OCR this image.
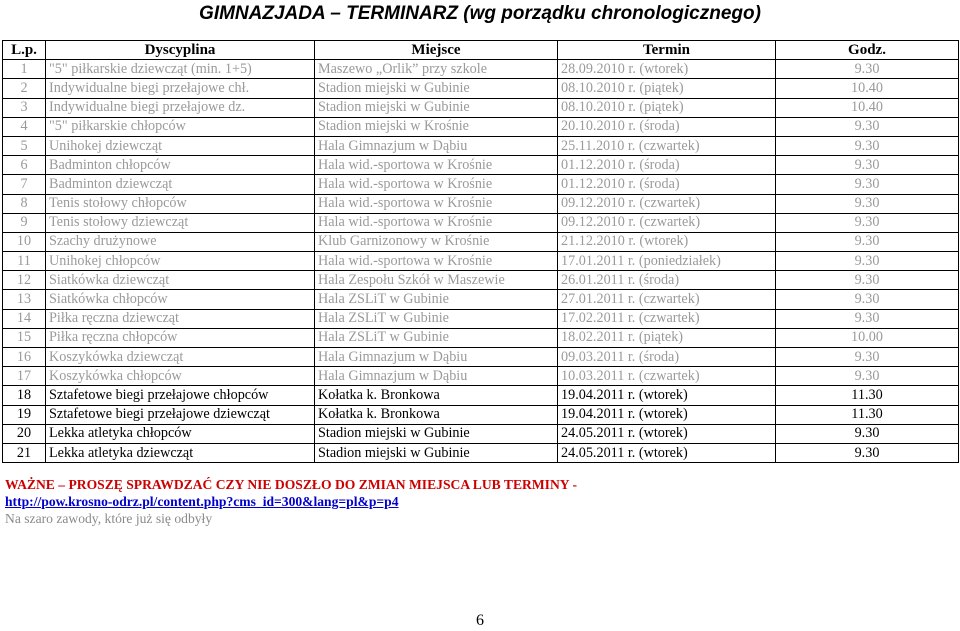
GIMNAZJADA – TERMINARZ (wg porządku chronologicznego)
L.p.	Dyscyplina	Miejsce	Termin	Godz.
1	"5" piłkarskie dziewcząt (min. 1+5)	Maszewo „Orlik” przy szkole	28.09.2010 r. (wtorek)	9.30
2	Indywidualne biegi przełajowe chł.	Stadion miejski w Gubinie	08.10.2010 r. (piątek)	10.40
3	Indywidualne biegi przełajowe dz.	Stadion miejski w Gubinie	08.10.2010 r. (piątek)	10.40
4	"5" piłkarskie chłopców	Stadion miejski w Krośnie	20.10.2010 r. (środa)	9.30
5	Unihokej dziewcząt	Hala Gimnazjum w Dąbiu	25.11.2010 r. (czwartek)	9.30
6	Badminton chłopców	Hala wid.-sportowa w Krośnie	01.12.2010 r. (środa)	9.30
7	Badminton dziewcząt	Hala wid.-sportowa w Krośnie	01.12.2010 r. (środa)	9.30
8	Tenis stołowy chłopców	Hala wid.-sportowa w Krośnie	09.12.2010 r. (czwartek)	9.30
9	Tenis stołowy dziewcząt	Hala wid.-sportowa w Krośnie	09.12.2010 r. (czwartek)	9.30
10	Szachy drużynowe	Klub Garnizonowy w Krośnie	21.12.2010 r. (wtorek)	9.30
11	Unihokej chłopców	Hala wid.-sportowa w Krośnie	17.01.2011 r. (poniedziałek)	9.30
12	Siatkówka dziewcząt	Hala Zespołu Szkół w Maszewie	26.01.2011 r. (środa)	9.30
13	Siatkówka chłopców	Hala ZSLiT w Gubinie	27.01.2011 r. (czwartek)	9.30
14	Piłka ręczna dziewcząt	Hala ZSLiT w Gubinie	17.02.2011 r. (czwartek)	9.30
15	Piłka ręczna chłopców	Hala ZSLiT w Gubinie	18.02.2011 r. (piątek)	10.00
16	Koszykówka dziewcząt	Hala Gimnazjum w Dąbiu	09.03.2011 r. (środa)	9.30
17	Koszykówka chłopców	Hala Gimnazjum w Dąbiu	10.03.2011 r. (czwartek)	9.30
18	Sztafetowe biegi przełajowe chłopców	Kołatka k. Bronkowa	19.04.2011 r. (wtorek)	11.30
19	Sztafetowe biegi przełajowe dziewcząt	Kołatka k. Bronkowa	19.04.2011 r. (wtorek)	11.30
20	Lekka atletyka chłopców	Stadion miejski w Gubinie	24.05.2011 r. (wtorek)	9.30
21	Lekka atletyka dziewcząt	Stadion miejski w Gubinie	24.05.2011 r. (wtorek)	9.30
WAŻNE – PROSZĘ SPRAWDZAĆ CZY NIE DOSZŁO DO ZMIAN MIEJSCA LUB TERMINY -
http://pow.krosno-odrz.pl/content.php?cms_id=300&lang=pl&p=p4
Na szaro zawody, które już się odbyły
6
